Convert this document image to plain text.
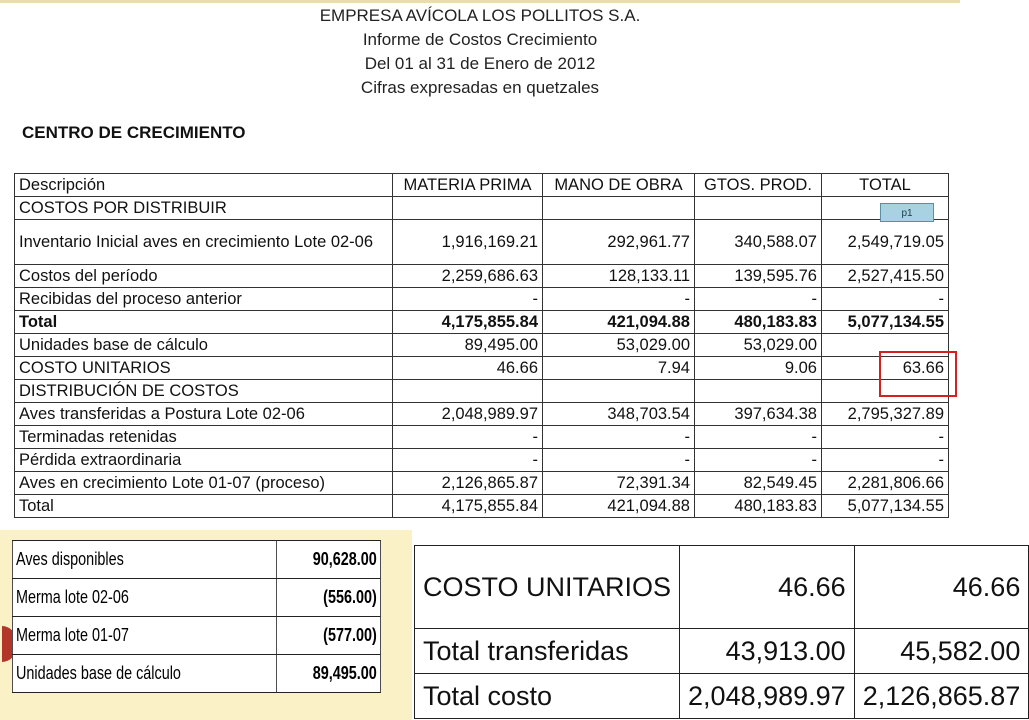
EMPRESA AVÍCOLA LOS POLLITOS S.A.
Informe de Costos Crecimiento
Del 01 al 31 de Enero de 2012
Cifras expresadas en quetzales
CENTRO DE CRECIMIENTO
Descripción	MATERIA PRIMA	MANO DE OBRA	GTOS. PROD.	TOTAL
COSTOS POR DISTRIBUIR				
Inventario Inicial aves en crecimiento Lote 02-06	1,916,169.21	292,961.77	340,588.07	2,549,719.05
Costos del período	2,259,686.63	128,133.11	139,595.76	2,527,415.50
Recibidas del proceso anterior	-	-	-	-
Total	4,175,855.84	421,094.88	480,183.83	5,077,134.55
Unidades base de cálculo	89,495.00	53,029.00	53,029.00	
COSTO UNITARIOS	46.66	7.94	9.06	63.66
DISTRIBUCIÓN DE COSTOS				
Aves transferidas a Postura Lote 02-06	2,048,989.97	348,703.54	397,634.38	2,795,327.89
Terminadas retenidas	-	-	-	-
Pérdida extraordinaria	-	-	-	-
Aves en crecimiento Lote 01-07 (proceso)	2,126,865.87	72,391.34	82,549.45	2,281,806.66
Total	4,175,855.84	421,094.88	480,183.83	5,077,134.55
p1
Aves disponibles	90,628.00
Merma lote 02-06	(556.00)
Merma lote 01-07	(577.00)
Unidades base de cálculo	89,495.00
COSTO UNITARIOS	46.66	46.66
Total transferidas	43,913.00	45,582.00
Total costo	2,048,989.97	2,126,865.87
